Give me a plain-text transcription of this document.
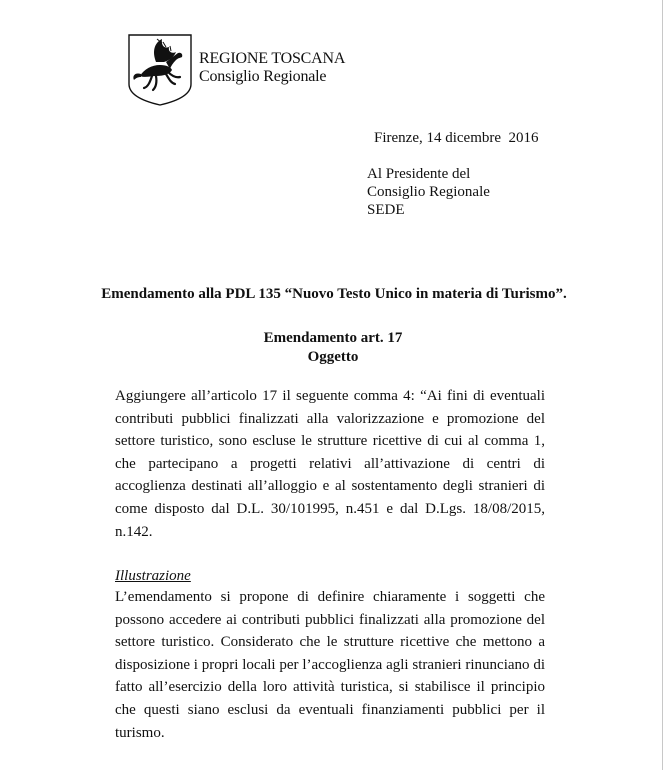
REGIONE TOSCANA
Consiglio Regionale
Firenze, 14 dicembre  2016
Al Presidente del
Consiglio Regionale
SEDE
Emendamento alla PDL 135 “Nuovo Testo Unico in materia di Turismo”.
Emendamento art. 17
Oggetto
Aggiungere all’articolo 17 il seguente comma 4: “Ai fini di eventuali contributi pubblici finalizzati alla valorizzazione e promozione del settore turistico, sono escluse le strutture ricettive di cui al comma 1, che partecipano a progetti relativi all’attivazione di centri di accoglienza destinati all’alloggio e al sostentamento degli stranieri di come disposto dal D.L. 30/101995, n.451 e dal D.Lgs. 18/08/2015, n.142.
Illustrazione
L’emendamento si propone di definire chiaramente i soggetti che possono accedere ai contributi pubblici finalizzati alla promozione del settore turistico. Considerato che le strutture ricettive che mettono a disposizione i propri locali per l’accoglienza agli stranieri rinunciano di fatto all’esercizio della loro attività turistica, si stabilisce il principio che questi siano esclusi da eventuali finanziamenti pubblici per il turismo.
